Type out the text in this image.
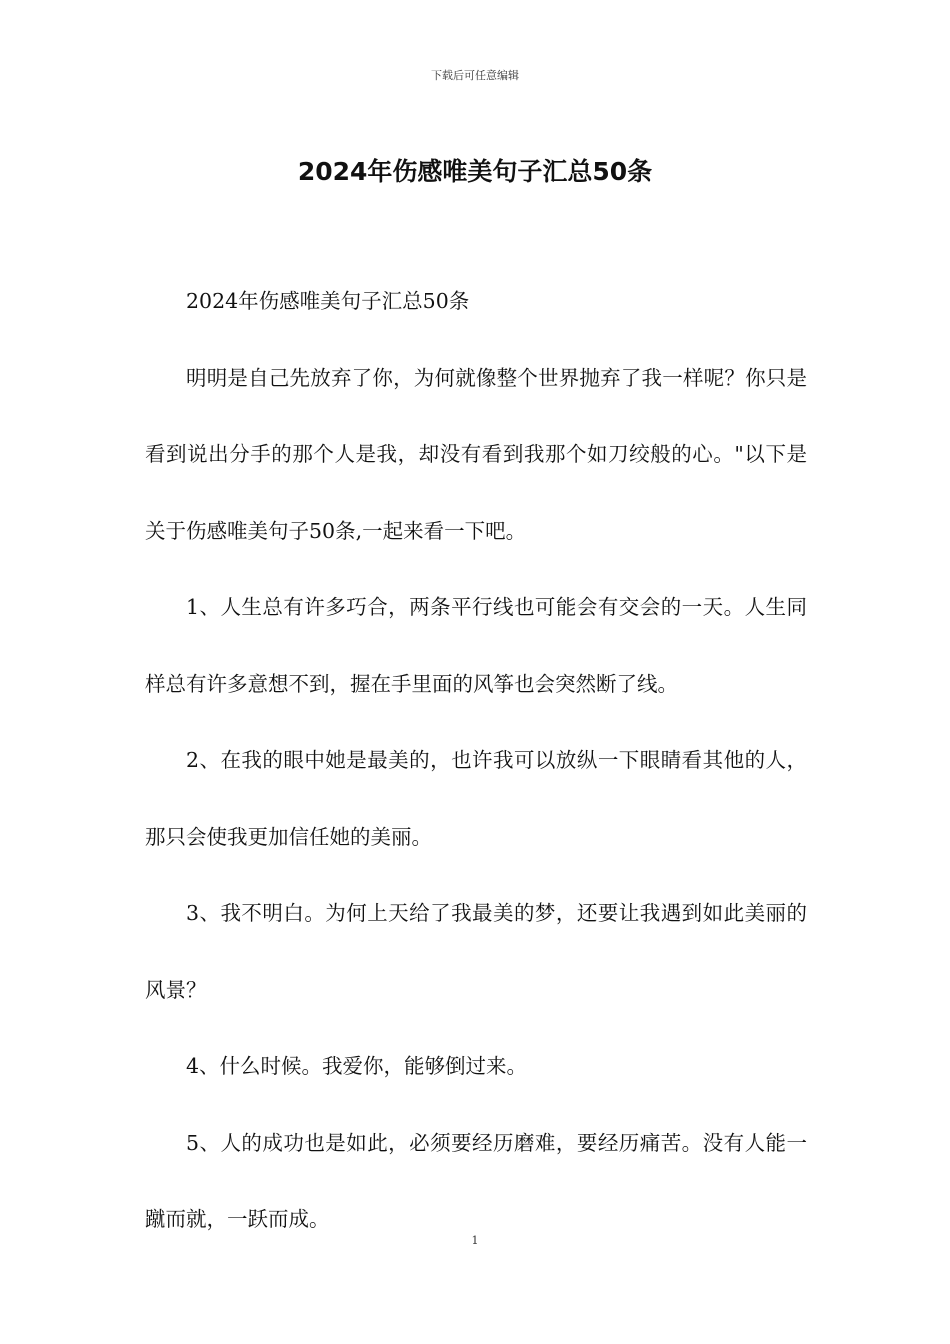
下载后可任意编辑
2024年伤感唯美句子汇总50条

2024年伤感唯美句子汇总50条

明明是自己先放弃了你，为何就像整个世界抛弃了我一样呢？你只是看到说出分手的那个人是我，却没有看到我那个如刀绞般的心。"以下是关于伤感唯美句子50条,一起来看一下吧。

1、人生总有许多巧合，两条平行线也可能会有交会的一天。人生同样总有许多意想不到，握在手里面的风筝也会突然断了线。

2、在我的眼中她是最美的，也许我可以放纵一下眼睛看其他的人，那只会使我更加信任她的美丽。

3、我不明白。为何上天给了我最美的梦，还要让我遇到如此美丽的风景？

4、什么时候。我爱你，能够倒过来。

5、人的成功也是如此，必须要经历磨难，要经历痛苦。没有人能一蹴而就，一跃而成。

1
